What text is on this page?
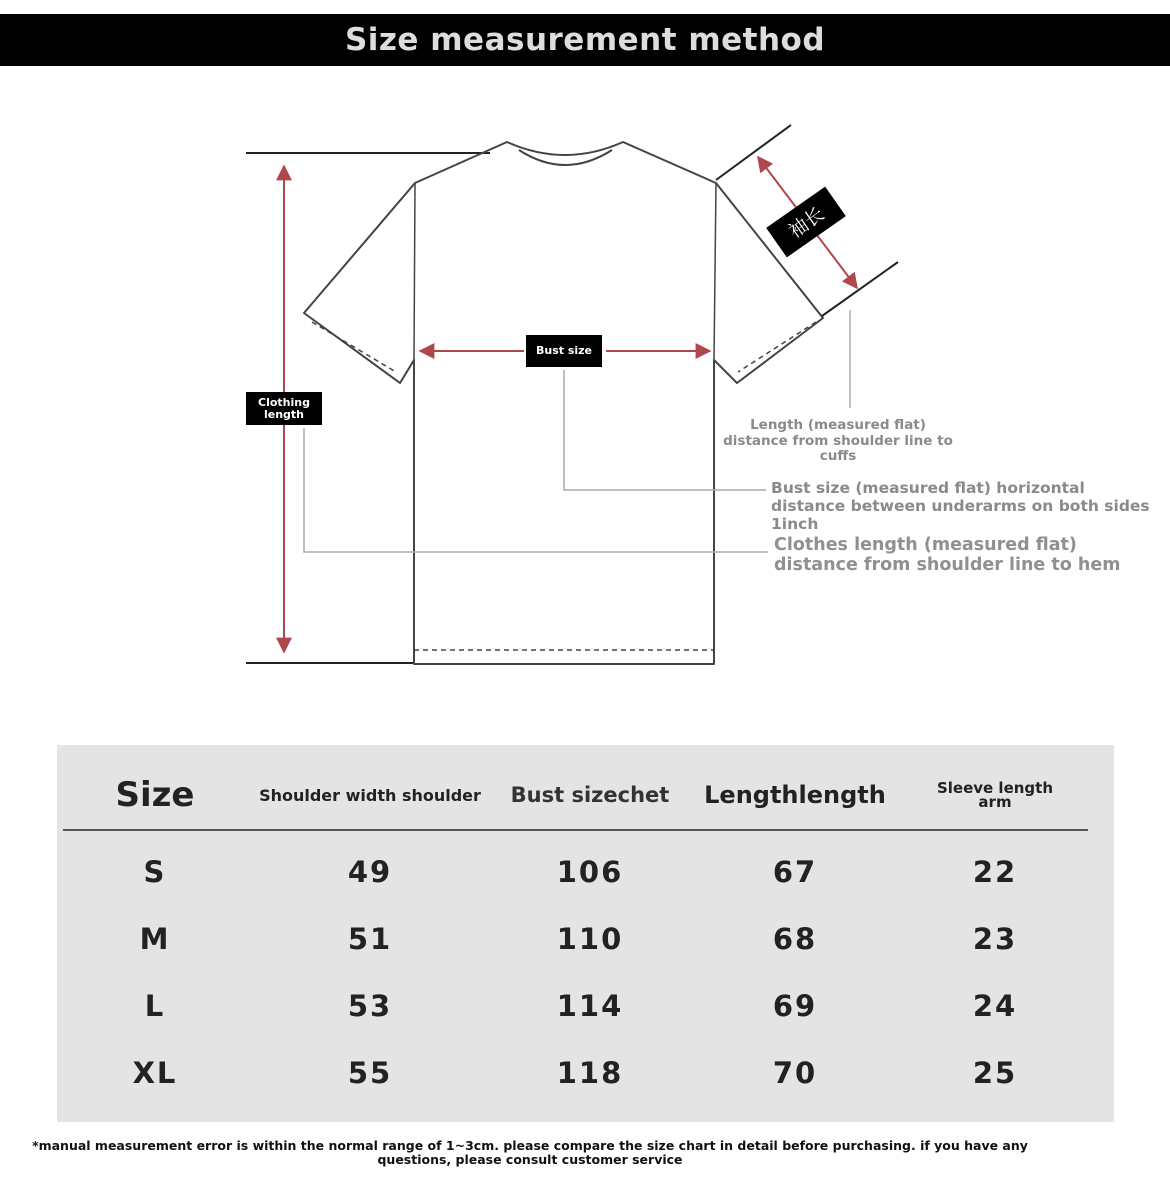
Size measurement method
袖长
Bust size
Clothing length
Length (measured flat) distance from shoulder line to cuffs
Bust size (measured flat) horizontal distance between underarms on both sides 1inch
Clothes length (measured flat) distance from shoulder line to hem
Size	Shoulder width shoulder	Bust sizechet	Lengthlength	Sleeve length arm
S	49	106	67	22
M	51	110	68	23
L	53	114	69	24
XL	55	118	70	25
*manual measurement error is within the normal range of 1~3cm. please compare the size chart in detail before purchasing. if you have any questions, please consult customer service
